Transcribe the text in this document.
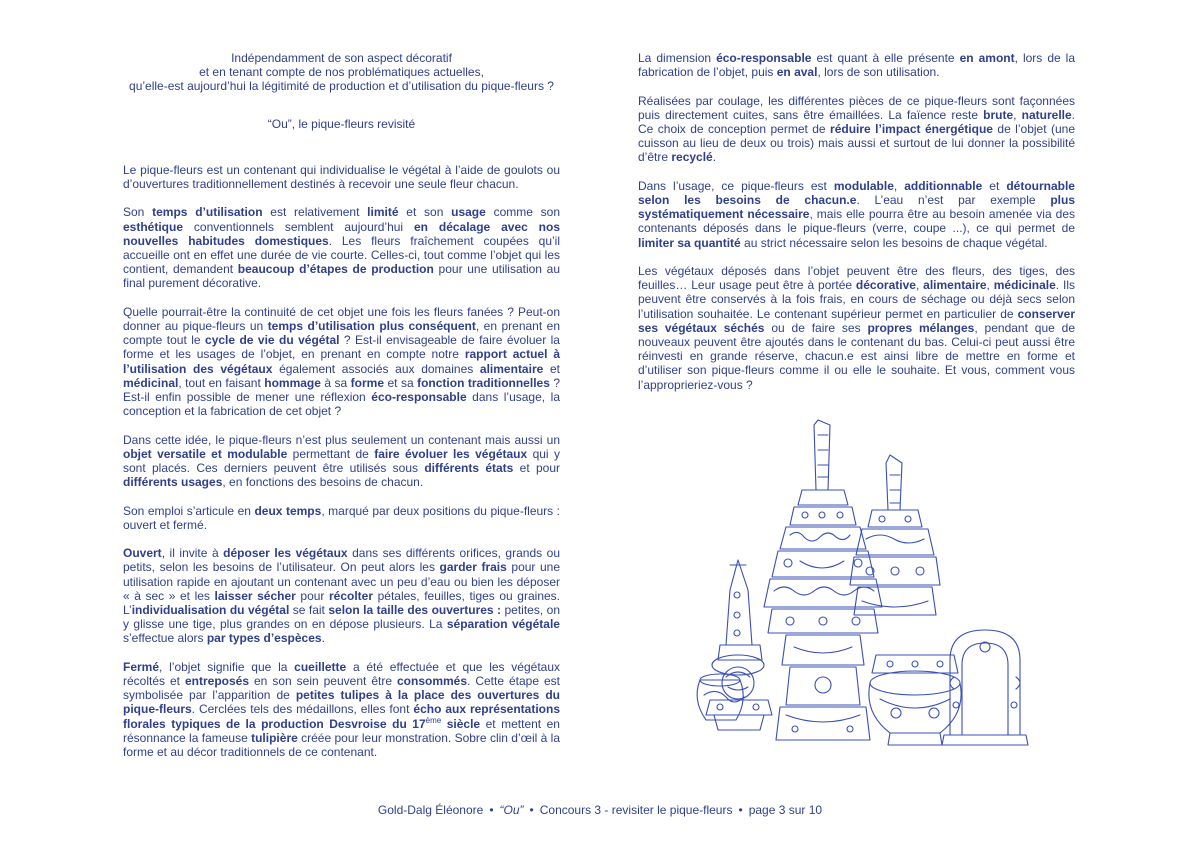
Indépendamment de son aspect décoratif
et en tenant compte de nos problématiques actuelles,
qu’elle-est aujourd’hui la légitimité de production et d’utilisation du pique-fleurs ?

“Ou”, le pique-fleurs revisité

Le pique-fleurs est un contenant qui individualise le végétal à l’aide de goulots ou d’ouvertures traditionnellement destinés à recevoir une seule fleur chacun.

Son temps d’utilisation est relativement limité et son usage comme son esthétique conventionnels semblent aujourd’hui en décalage avec nos nouvelles habitudes domestiques. Les fleurs fraîchement coupées qu’il accueille ont en effet une durée de vie courte. Celles-ci, tout comme l’objet qui les contient, demandent beaucoup d’étapes de production pour une utilisation au final purement décorative.

Quelle pourrait-être la continuité de cet objet une fois les fleurs fanées ? Peut-on donner au pique-fleurs un temps d’utilisation plus conséquent, en prenant en compte tout le cycle de vie du végétal ? Est-il envisageable de faire évoluer la forme et les usages de l’objet, en prenant en compte notre rapport actuel à l’utilisation des végétaux également associés aux domaines alimentaire et médicinal, tout en faisant hommage à sa forme et sa fonction traditionnelles ? Est-il enfin possible de mener une réflexion éco-responsable dans l’usage, la conception et la fabrication de cet objet ?

Dans cette idée, le pique-fleurs n’est plus seulement un contenant mais aussi un objet versatile et modulable permettant de faire évoluer les végétaux qui y sont placés. Ces derniers peuvent être utilisés sous différents états et pour différents usages, en fonctions des besoins de chacun.

Son emploi s’articule en deux temps, marqué par deux positions du pique-fleurs : ouvert et fermé.

Ouvert, il invite à déposer les végétaux dans ses différents orifices, grands ou petits, selon les besoins de l’utilisateur. On peut alors les garder frais pour une utilisation rapide en ajoutant un contenant avec un peu d’eau ou bien les déposer « à sec » et les laisser sécher pour récolter pétales, feuilles, tiges ou graines. L’individualisation du végétal se fait selon la taille des ouvertures : petites, on y glisse une tige, plus grandes on en dépose plusieurs. La séparation végétale s’effectue alors par types d’espèces.

Fermé, l’objet signifie que la cueillette a été effectuée et que les végétaux récoltés et entreposés en son sein peuvent être consommés. Cette étape est symbolisée par l’apparition de petites tulipes à la place des ouvertures du pique-fleurs. Cerclées tels des médaillons, elles font écho aux représentations florales typiques de la production Desvroise du 17ème siècle et mettent en résonnance la fameuse tulipière créée pour leur monstration. Sobre clin d’œil à la forme et au décor traditionnels de ce contenant.

La dimension éco-responsable est quant à elle présente en amont, lors de la fabrication de l’objet, puis en aval, lors de son utilisation.

Réalisées par coulage, les différentes pièces de ce pique-fleurs sont façonnées puis directement cuites, sans être émaillées. La faïence reste brute, naturelle. Ce choix de conception permet de réduire l’impact énergétique de l’objet (une cuisson au lieu de deux ou trois) mais aussi et surtout de lui donner la possibilité d’être recyclé.

Dans l’usage, ce pique-fleurs est modulable, additionnable et détournable selon les besoins de chacun.e. L’eau n’est par exemple plus systématiquement nécessaire, mais elle pourra être au besoin amenée via des contenants déposés dans le pique-fleurs (verre, coupe ...), ce qui permet de limiter sa quantité au strict nécessaire selon les besoins de chaque végétal.

Les végétaux déposés dans l’objet peuvent être des fleurs, des tiges, des feuilles… Leur usage peut être à portée décorative, alimentaire, médicinale. Ils peuvent être conservés à la fois frais, en cours de séchage ou déjà secs selon l’utilisation souhaitée. Le contenant supérieur permet en particulier de conserver ses végétaux séchés ou de faire ses propres mélanges, pendant que de nouveaux peuvent être ajoutés dans le contenant du bas. Celui-ci peut aussi être réinvesti en grande réserve, chacun.e est ainsi libre de mettre en forme et d’utiliser son pique-fleurs comme il ou elle le souhaite. Et vous, comment vous l’approprieriez-vous ?

Gold-Dalg Éléonore • “Ou” • Concours 3 - revisiter le pique-fleurs • page 3 sur 10
